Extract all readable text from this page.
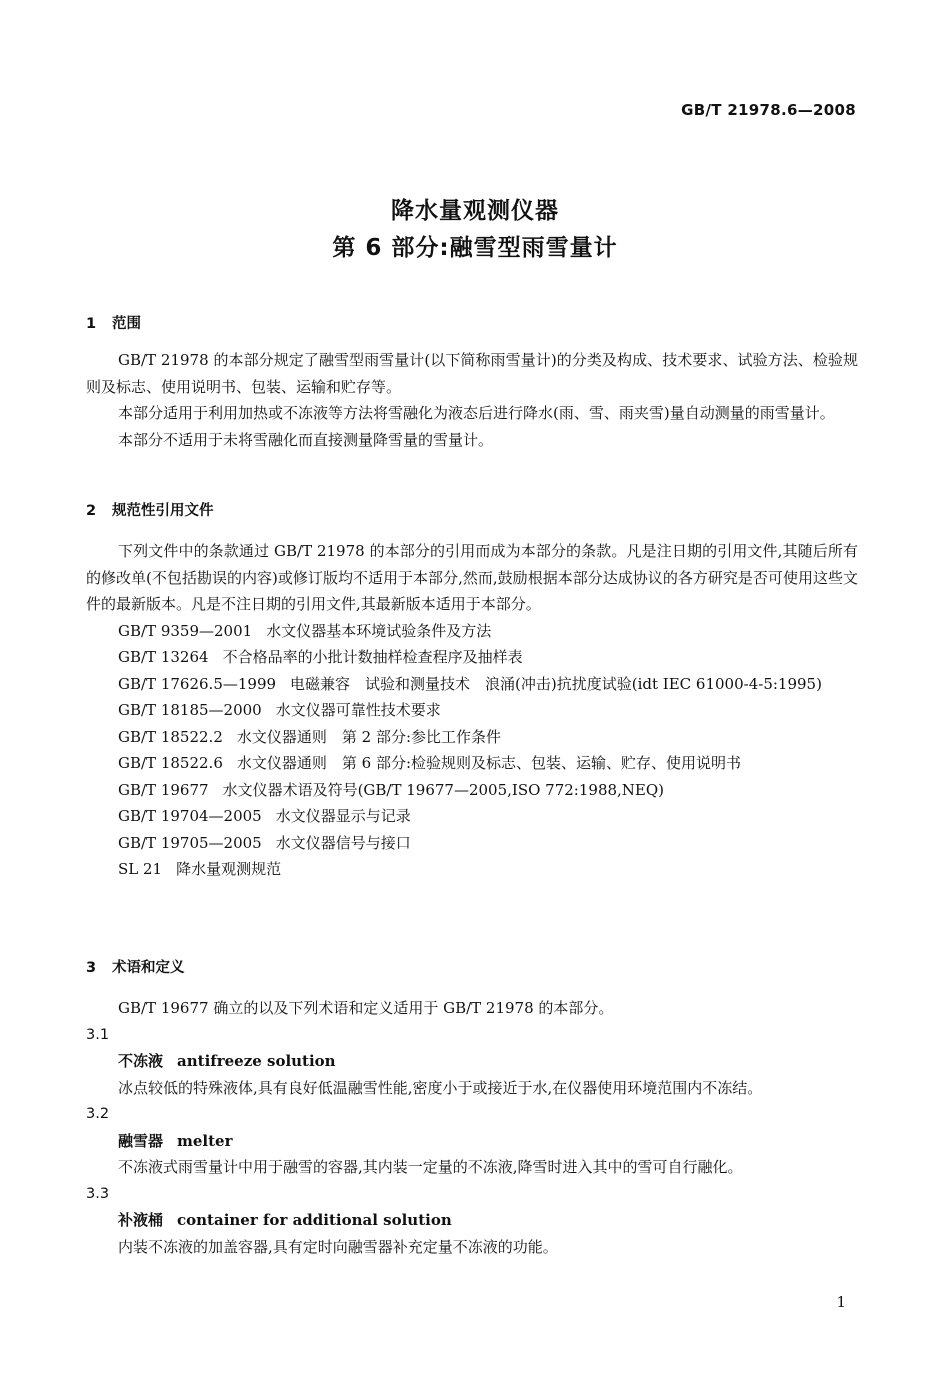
GB/T 21978.6—2008
降水量观测仪器
第 6 部分:融雪型雨雪量计
1 范围

GB/T 21978 的本部分规定了融雪型雨雪量计(以下简称雨雪量计)的分类及构成、技术要求、试验方法、检验规则及标志、使用说明书、包装、运输和贮存等。

本部分适用于利用加热或不冻液等方法将雪融化为液态后进行降水(雨、雪、雨夹雪)量自动测量的雨雪量计。

本部分不适用于未将雪融化而直接测量降雪量的雪量计。

2 规范性引用文件

下列文件中的条款通过 GB/T 21978 的本部分的引用而成为本部分的条款。凡是注日期的引用文件,其随后所有的修改单(不包括勘误的内容)或修订版均不适用于本部分,然而,鼓励根据本部分达成协议的各方研究是否可使用这些文件的最新版本。凡是不注日期的引用文件,其最新版本适用于本部分。

GB/T 9359—2001 水文仪器基本环境试验条件及方法

GB/T 13264 不合格品率的小批计数抽样检查程序及抽样表

GB/T 17626.5—1999 电磁兼容　试验和测量技术　浪涌(冲击)抗扰度试验(idt IEC 61000-4-5:1995)

GB/T 18185—2000 水文仪器可靠性技术要求

GB/T 18522.2 水文仪器通则　第 2 部分:参比工作条件

GB/T 18522.6 水文仪器通则　第 6 部分:检验规则及标志、包装、运输、贮存、使用说明书

GB/T 19677 水文仪器术语及符号(GB/T 19677—2005,ISO 772:1988,NEQ)

GB/T 19704—2005 水文仪器显示与记录

GB/T 19705—2005 水文仪器信号与接口

SL 21 降水量观测规范

3 术语和定义

GB/T 19677 确立的以及下列术语和定义适用于 GB/T 21978 的本部分。

3.1

不冻液 antifreeze solution

冰点较低的特殊液体,具有良好低温融雪性能,密度小于或接近于水,在仪器使用环境范围内不冻结。

3.2

融雪器 melter

不冻液式雨雪量计中用于融雪的容器,其内装一定量的不冻液,降雪时进入其中的雪可自行融化。

3.3

补液桶 container for additional solution

内装不冻液的加盖容器,具有定时向融雪器补充定量不冻液的功能。

1
